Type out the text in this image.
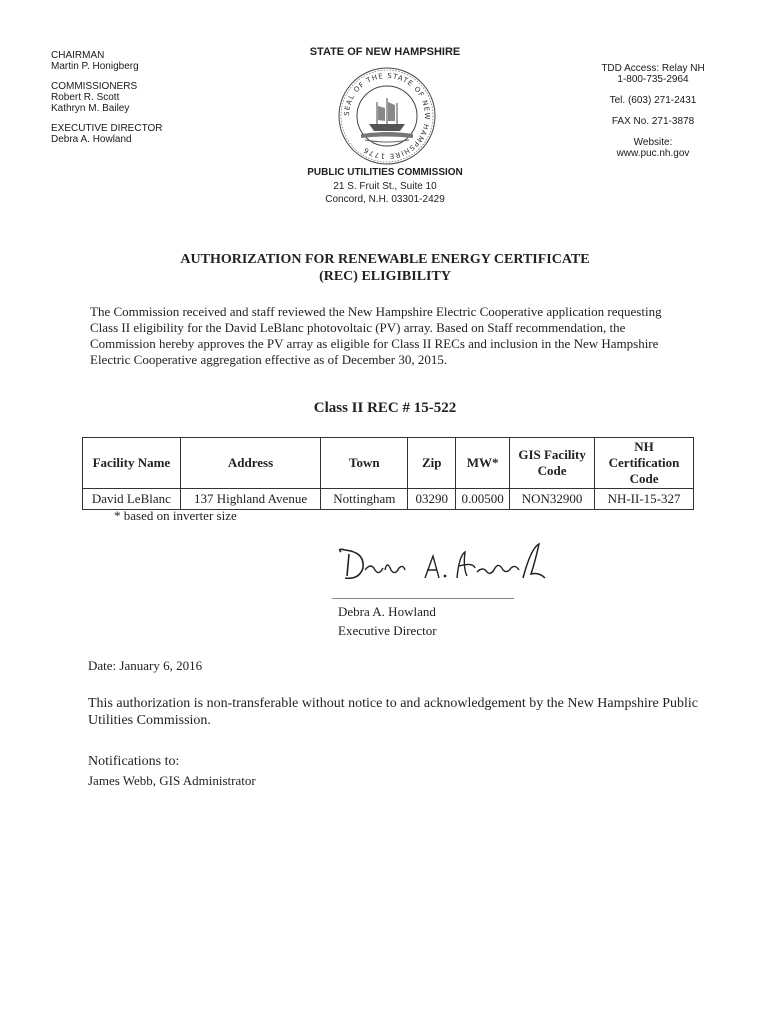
CHAIRMAN
Martin P. Honigberg
COMMISSIONERS
Robert R. Scott
Kathryn M. Bailey
EXECUTIVE DIRECTOR
Debra A. Howland
STATE OF NEW HAMPSHIRE
SEAL OF THE STATE OF NEW HAMPSHIRE 1776
PUBLIC UTILITIES COMMISSION
21 S. Fruit St., Suite 10
Concord, N.H. 03301-2429
TDD Access: Relay NH
1-800-735-2964
Tel. (603) 271-2431
FAX No. 271-3878
Website:
www.puc.nh.gov
AUTHORIZATION FOR RENEWABLE ENERGY CERTIFICATE
(REC) ELIGIBILITY
The Commission received and staff reviewed the New Hampshire Electric Cooperative application requesting Class II eligibility for the David LeBlanc photovoltaic (PV) array. Based on Staff recommendation, the Commission hereby approves the PV array as eligible for Class II RECs and inclusion in the New Hampshire Electric Cooperative aggregation effective as of December 30, 2015.
Class II REC # 15-522
Facility Name	Address	Town	Zip	MW*	GIS Facility Code	NH Certification Code
David LeBlanc	137 Highland Avenue	Nottingham	03290	0.00500	NON32900	NH-II-15-327
* based on inverter size
Debra A. Howland
Executive Director
Date: January 6, 2016
This authorization is non-transferable without notice to and acknowledgement by the New Hampshire Public Utilities Commission.
Notifications to:
James Webb, GIS Administrator
